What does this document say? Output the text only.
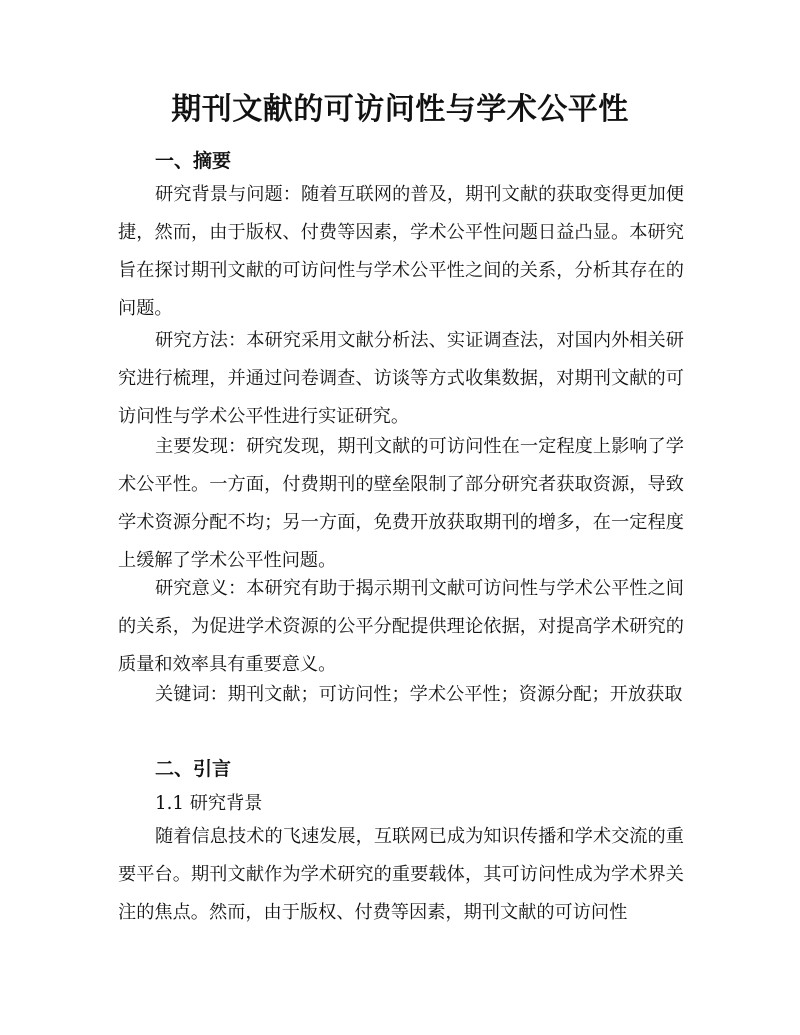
期刊文献的可访问性与学术公平性
一、摘要

研究背景与问题：随着互联网的普及，期刊文献的获取变得更加便捷，然而，由于版权、付费等因素，学术公平性问题日益凸显。本研究旨在探讨期刊文献的可访问性与学术公平性之间的关系，分析其存在的问题。

研究方法：本研究采用文献分析法、实证调查法，对国内外相关研究进行梳理，并通过问卷调查、访谈等方式收集数据，对期刊文献的可访问性与学术公平性进行实证研究。

主要发现：研究发现，期刊文献的可访问性在一定程度上影响了学术公平性。一方面，付费期刊的壁垒限制了部分研究者获取资源，导致学术资源分配不均；另一方面，免费开放获取期刊的增多，在一定程度上缓解了学术公平性问题。

研究意义：本研究有助于揭示期刊文献可访问性与学术公平性之间的关系，为促进学术资源的公平分配提供理论依据，对提高学术研究的质量和效率具有重要意义。

关键词：期刊文献；可访问性；学术公平性；资源分配；开放获取

二、引言
1.1 研究背景

随着信息技术的飞速发展，互联网已成为知识传播和学术交流的重要平台。期刊文献作为学术研究的重要载体，其可访问性成为学术界关注的焦点。然而，由于版权、付费等因素，期刊文献的可访问性
